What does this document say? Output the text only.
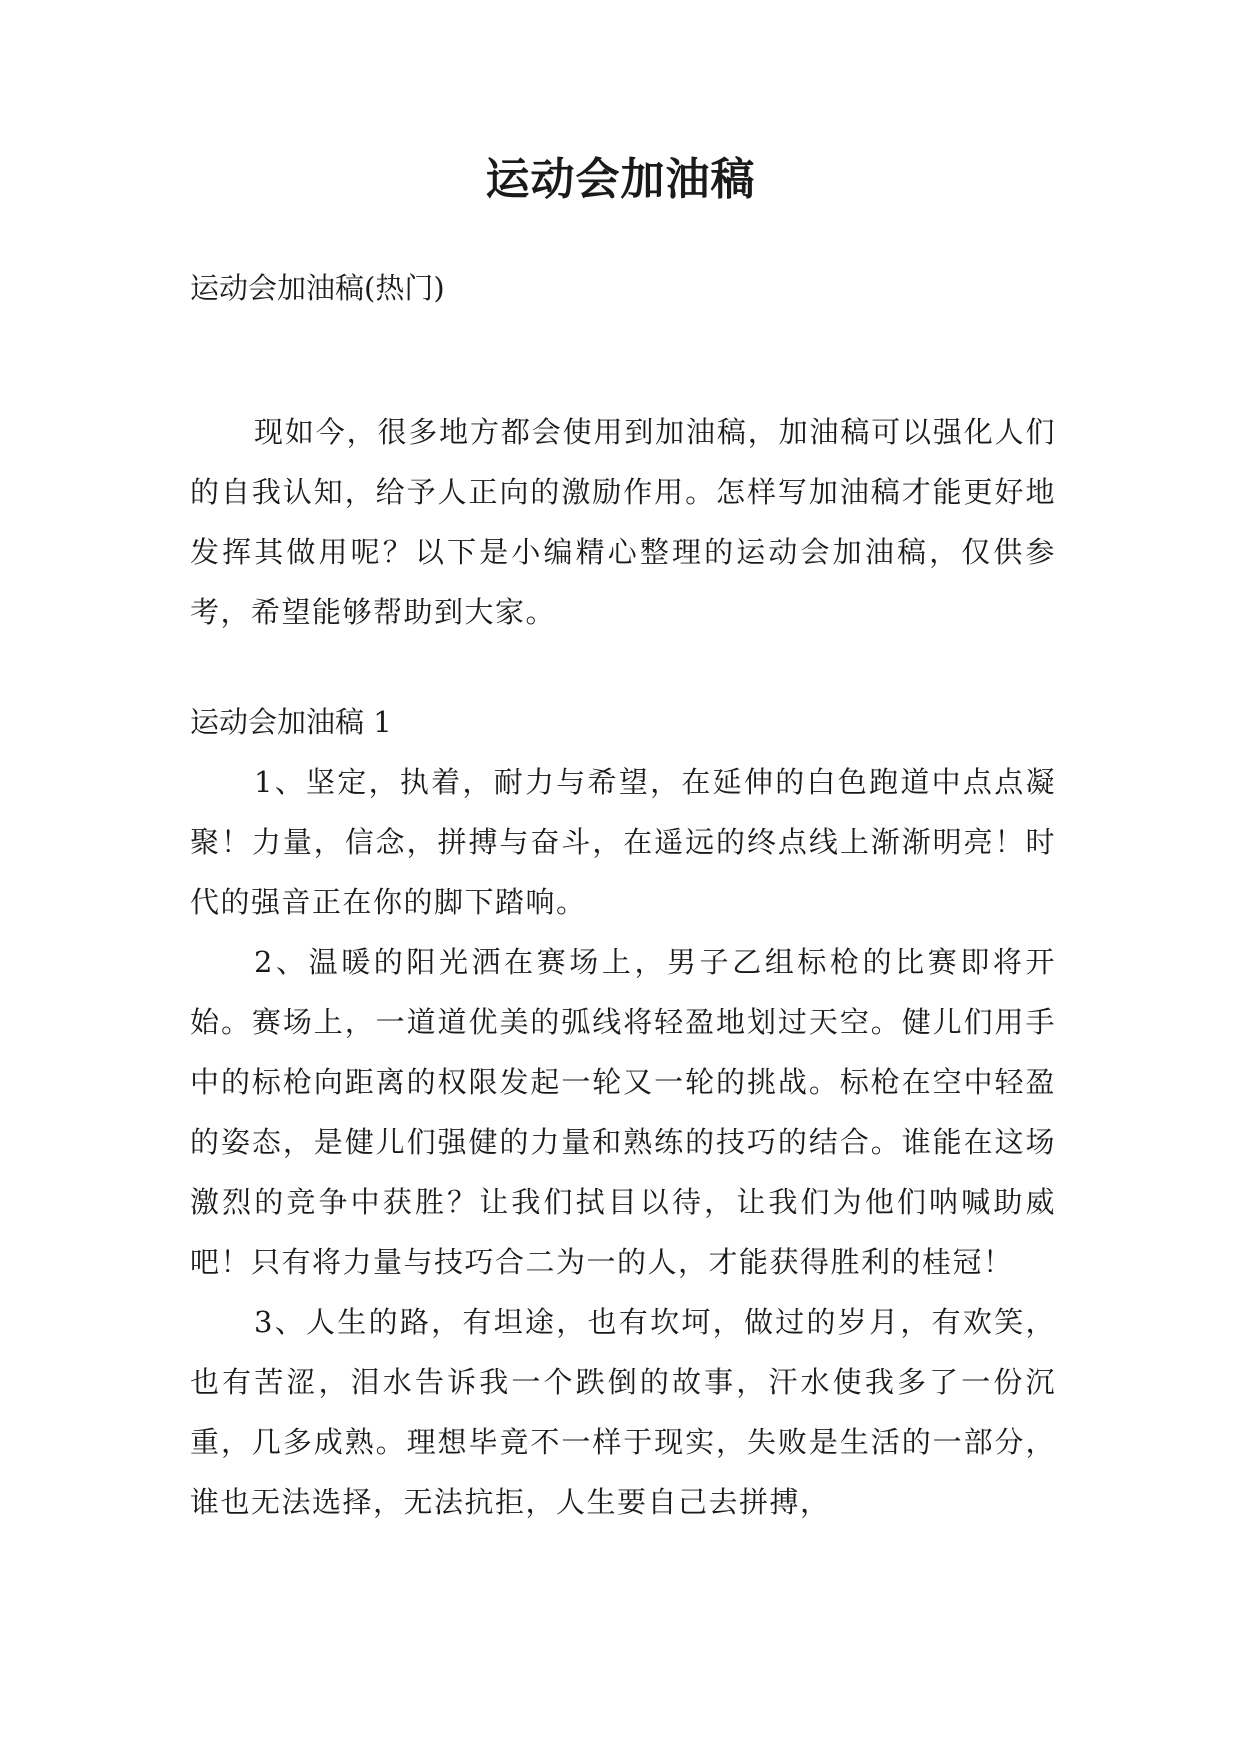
运动会加油稿

运动会加油稿(热门)

现如今，很多地方都会使用到加油稿，加油稿可以强化人们的自我认知，给予人正向的激励作用。怎样写加油稿才能更好地发挥其做用呢？以下是小编精心整理的运动会加油稿，仅供参考，希望能够帮助到大家。

运动会加油稿 1

1、坚定，执着，耐力与希望，在延伸的白色跑道中点点凝聚！力量，信念，拼搏与奋斗，在遥远的终点线上渐渐明亮！时代的强音正在你的脚下踏响。

2、温暖的阳光洒在赛场上，男子乙组标枪的比赛即将开始。赛场上，一道道优美的弧线将轻盈地划过天空。健儿们用手中的标枪向距离的权限发起一轮又一轮的挑战。标枪在空中轻盈的姿态，是健儿们强健的力量和熟练的技巧的结合。谁能在这场激烈的竞争中获胜？让我们拭目以待，让我们为他们呐喊助威吧！只有将力量与技巧合二为一的人，才能获得胜利的桂冠！

3、人生的路，有坦途，也有坎坷，做过的岁月，有欢笑，也有苦涩，泪水告诉我一个跌倒的故事，汗水使我多了一份沉重，几多成熟。理想毕竟不一样于现实，失败是生活的一部分，谁也无法选择，无法抗拒，人生要自己去拼搏，
